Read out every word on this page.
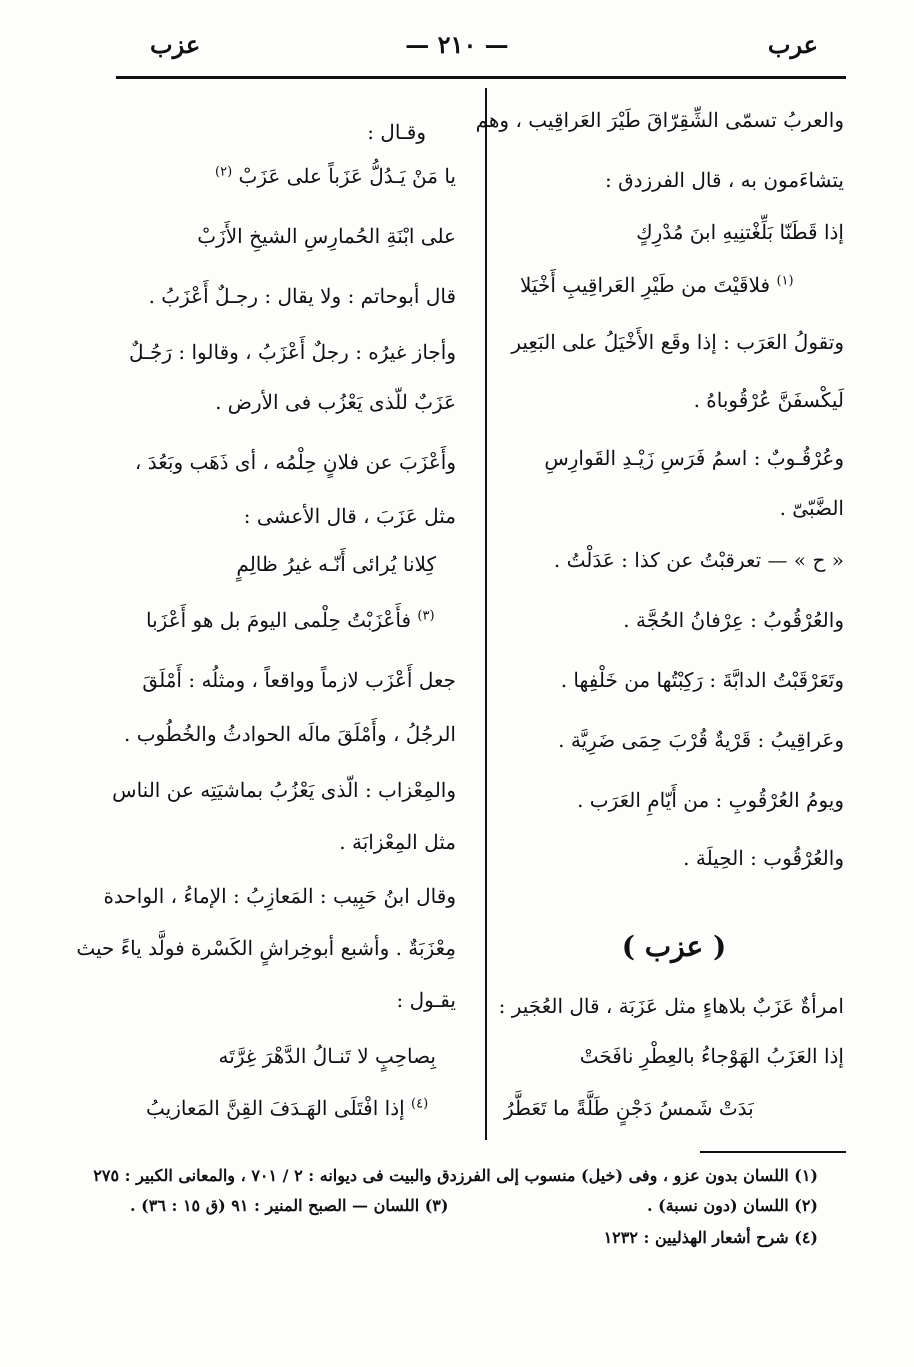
عرب
— ٢١٠ —
عزب
والعربُ تسمّى الشِّقِرّاقَ طَيْرَ العَراقِيب ، وهم
يتشاءَمون به ، قال الفرزدق :
إذا قَطَنّا بَلِّغْتنِيهِ ابنَ مُدْرِكٍ
$^{(١)}$ فلاقَيْتَ من طَيْرِ العَراقِيبِ أَخْيَلا
وتقولُ العَرَب : إذا وقَع الأَخْيَلُ على البَعِير
لَيكْسفَنَّ عُرْقُوباهُ .
وعُرْقُـوبٌ : اسمُ فَرَسِ زَيْـدِ القَوارِسِ
الضَّبّىّ .
« ح » — تعرقبْتُ عن كذا : عَدَلْتُ .
والعُرْقُوبُ : عِرْفانُ الحُجَّة .
وتَعَرْقَبْتُ الدابَّةَ : رَكِبْتُها من خَلْفِها .
وعَراقِيبُ : قَرْيةٌ قُرْبَ حِمَى ضَرِيَّة .
ويومُ العُرْقُوبِ : من أَيّامِ العَرَب .
والعُرْقُوب : الحِيلَة .
( عزب )
امرأةٌ عَزَبٌ بلاهاءٍ مثل عَزَبَة ، قال العُجَير :
إذا العَزَبُ الهَوْجاءُ بالعِطْرِ نافَحَتْ
بَدَتْ شَمسُ دَجْنٍ طَلَّةً ما تَعَطَّرُ
وقـال :
يا مَنْ يَـدُلُّ عَزَباً على عَزَبْ $^{(٢)}$
على ابْنَةِ الحُمارِسِ الشيخِ الأَزَبْ
قال أبوحاتم : ولا يقال : رجـلٌ أَعْزَبُ .
وأجاز غيرُه : رجلٌ أَعْزَبُ ، وقالوا : رَجُـلٌ
عَزَبٌ للّذى يَعْزُب فى الأرض .
وأَعْزَبَ عن فلانٍ حِلْمُه ، أى ذَهَب وبَعُدَ ،
مثل عَزَبَ ، قال الأعشى :
كِلانا يُرائى أَنّـه غيرُ ظالِمٍ
$^{(٣)}$ فأَعْزَبْتُ حِلْمى اليومَ بل هو أَعْزَبا
جعل أَعْزَب لازماً وواقعاً ، ومثلُه : أَمْلَقَ
الرجُلُ ، وأَمْلَقَ مالَه الحوادثُ والخُطُوب .
والمِعْزاب : الّذى يَعْزُبُ بماشيَتِه عن الناس
مثل المِعْزابَة .
وقال ابنُ حَبِيب : المَعازِبُ : الإماءُ ، الواحدة
مِعْزَبَةٌ . وأشبع أبوخِراشٍ الكَسْرة فولَّد ياءً حيث
يقـول :
بِصاحِبٍ لا تَنـالُ الدَّهْرَ غِرَّتَه
$^{(٤)}$ إذا افْتَلَى الهَـدَفَ القِنَّ المَعازيبُ
(١) اللسان بدون عزو ، وفى (خيل) منسوب إلى الفرزدق والبيت فى ديوانه : ٢ / ٧٠١ ، والمعانى الكبير : ٢٧٥
(٢) اللسان (دون نسبة) .
(٣) اللسان — الصبح المنير : ٩١ (ق ١٥ : ٣٦) .
(٤) شرح أشعار الهذليين : ١٢٣٢
